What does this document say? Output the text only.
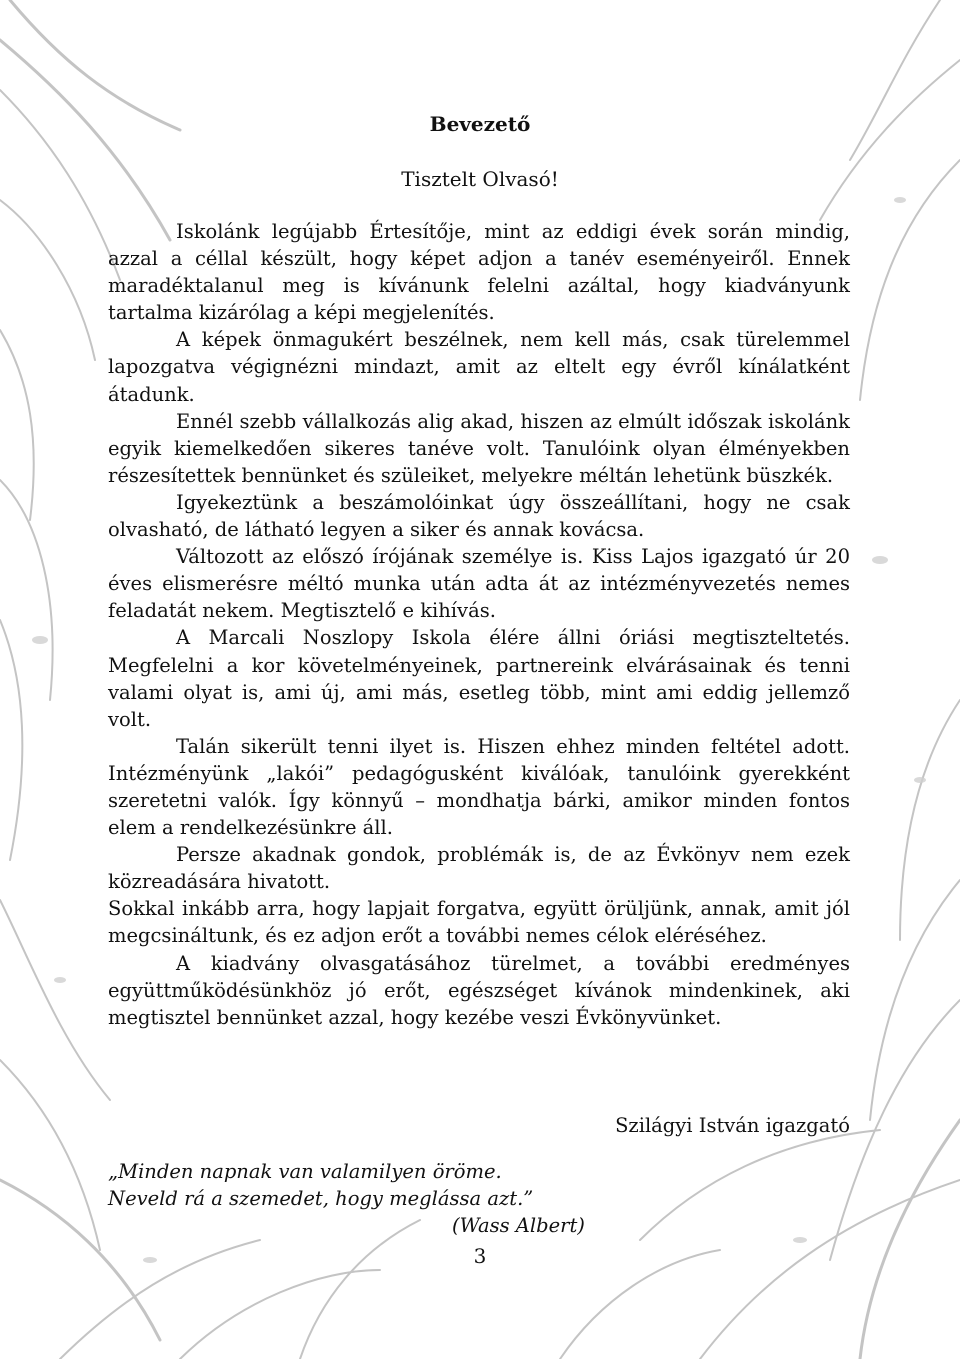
Bevezető
Tisztelt Olvasó!

Iskolánk legújabb Értesítője, mint az eddigi évek során mindig, azzal a céllal készült, hogy képet adjon a tanév eseményeiről. Ennek maradéktalanul meg is kívánunk felelni azáltal, hogy kiadványunk tartalma kizárólag a képi megjelenítés.

A képek önmagukért beszélnek, nem kell más, csak türelemmel lapozgatva végignézni mindazt, amit az eltelt egy évről kínálatként átadunk.

Ennél szebb vállalkozás alig akad, hiszen az elmúlt időszak iskolánk egyik kiemelkedően sikeres tanéve volt. Tanulóink olyan élményekben részesítettek bennünket és szüleiket, melyekre méltán lehetünk büszkék.

Igyekeztünk a beszámolóinkat úgy összeállítani, hogy ne csak olvasható, de látható legyen a siker és annak kovácsa.

Változott az előszó írójának személye is. Kiss Lajos igazgató úr 20 éves elismerésre méltó munka után adta át az intézményvezetés nemes feladatát nekem. Megtisztelő e kihívás.

A Marcali Noszlopy Iskola élére állni óriási megtiszteltetés. Megfelelni a kor követelményeinek, partnereink elvárásainak és tenni valami olyat is, ami új, ami más, esetleg több, mint ami eddig jellemző volt.

Talán sikerült tenni ilyet is. Hiszen ehhez minden feltétel adott. Intézményünk „lakói” pedagógusként kiválóak, tanulóink gyerekként szeretetni valók. Így könnyű – mondhatja bárki, amikor minden fontos elem a rendelkezésünkre áll.

Persze akadnak gondok, problémák is, de az Évkönyv nem ezek közreadására hivatott.

Sokkal inkább arra, hogy lapjait forgatva, együtt örüljünk, annak, amit jól megcsináltunk, és ez adjon erőt a további nemes célok eléréséhez.

A kiadvány olvasgatásához türelmet, a további eredményes együttműködésünkhöz jó erőt, egészséget kívánok mindenkinek, aki megtisztel bennünket azzal, hogy kezébe veszi Évkönyvünket.

Szilágyi István igazgató
„Minden napnak van valamilyen öröme.
Neveld rá a szemedet, hogy meglássa azt.”
(Wass Albert)
3
